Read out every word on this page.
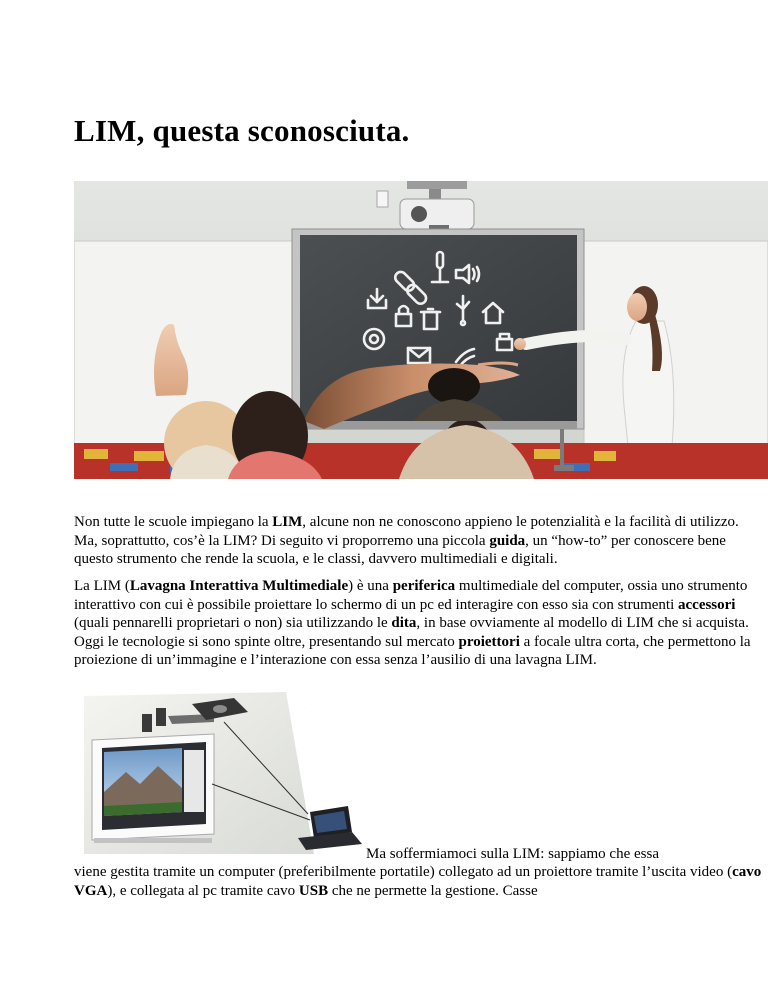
LIM, questa sconosciuta.

Non tutte le scuole impiegano la LIM, alcune non ne conoscono appieno le potenzialità e la facilità di utilizzo. Ma, soprattutto, cos’è la LIM? Di seguito vi proporremo una piccola guida, un “how-to” per conoscere bene questo strumento che rende la scuola, e le classi, davvero multimediali e digitali.

La LIM (Lavagna Interattiva Multimediale) è una periferica multimediale del computer, ossia uno strumento interattivo con cui è possibile proiettare lo schermo di un pc ed interagire con esso sia con strumenti accessori (quali pennarelli proprietari o non) sia utilizzando le dita, in base ovviamente al modello di LIM che si acquista. Oggi le tecnologie si sono spinte oltre, presentando sul mercato proiettori a focale ultra corta, che permettono la proiezione di un’immagine e l’interazione con essa senza l’ausilio di una lavagna LIM.

Ma soffermiamoci sulla LIM: sappiamo che essa

viene gestita tramite un computer (preferibilmente portatile) collegato ad un proiettore tramite l’uscita video (cavo VGA), e collegata al pc tramite cavo USB che ne permette la gestione. Casse
